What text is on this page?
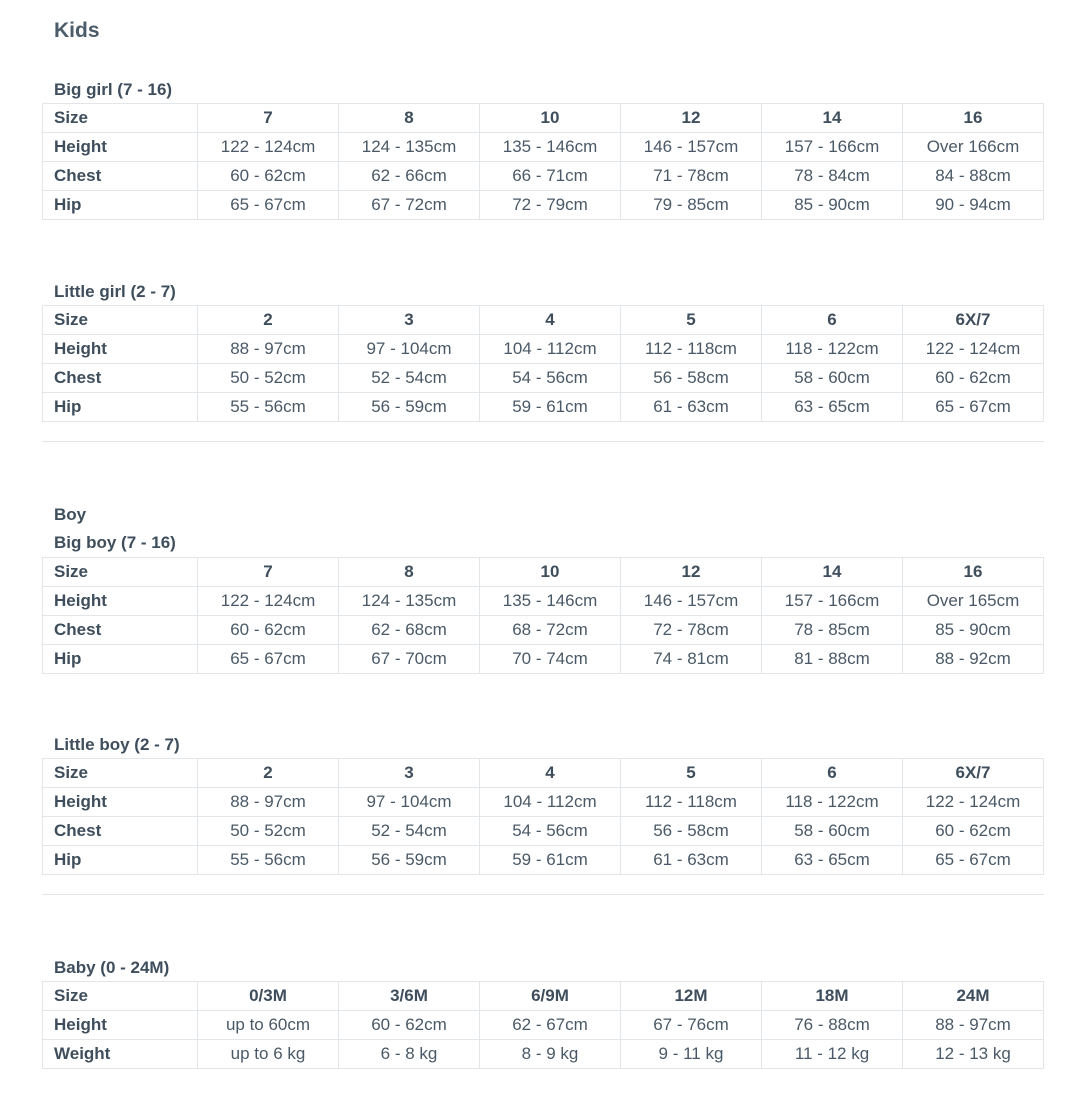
Kids
Big girl (7 - 16)
Size	7	8	10	12	14	16
Height	122 - 124cm	124 - 135cm	135 - 146cm	146 - 157cm	157 - 166cm	Over 166cm
Chest	60 - 62cm	62 - 66cm	66 - 71cm	71 - 78cm	78 - 84cm	84 - 88cm
Hip	65 - 67cm	67 - 72cm	72 - 79cm	79 - 85cm	85 - 90cm	90 - 94cm
Little girl (2 - 7)
Size	2	3	4	5	6	6X/7
Height	88 - 97cm	97 - 104cm	104 - 112cm	112 - 118cm	118 - 122cm	122 - 124cm
Chest	50 - 52cm	52 - 54cm	54 - 56cm	56 - 58cm	58 - 60cm	60 - 62cm
Hip	55 - 56cm	56 - 59cm	59 - 61cm	61 - 63cm	63 - 65cm	65 - 67cm
Boy
Big boy (7 - 16)
Size	7	8	10	12	14	16
Height	122 - 124cm	124 - 135cm	135 - 146cm	146 - 157cm	157 - 166cm	Over 165cm
Chest	60 - 62cm	62 - 68cm	68 - 72cm	72 - 78cm	78 - 85cm	85 - 90cm
Hip	65 - 67cm	67 - 70cm	70 - 74cm	74 - 81cm	81 - 88cm	88 - 92cm
Little boy (2 - 7)
Size	2	3	4	5	6	6X/7
Height	88 - 97cm	97 - 104cm	104 - 112cm	112 - 118cm	118 - 122cm	122 - 124cm
Chest	50 - 52cm	52 - 54cm	54 - 56cm	56 - 58cm	58 - 60cm	60 - 62cm
Hip	55 - 56cm	56 - 59cm	59 - 61cm	61 - 63cm	63 - 65cm	65 - 67cm
Baby (0 - 24M)
Size	0/3M	3/6M	6/9M	12M	18M	24M
Height	up to 60cm	60 - 62cm	62 - 67cm	67 - 76cm	76 - 88cm	88 - 97cm
Weight	up to 6 kg	6 - 8 kg	8 - 9 kg	9 - 11 kg	11 - 12 kg	12 - 13 kg
